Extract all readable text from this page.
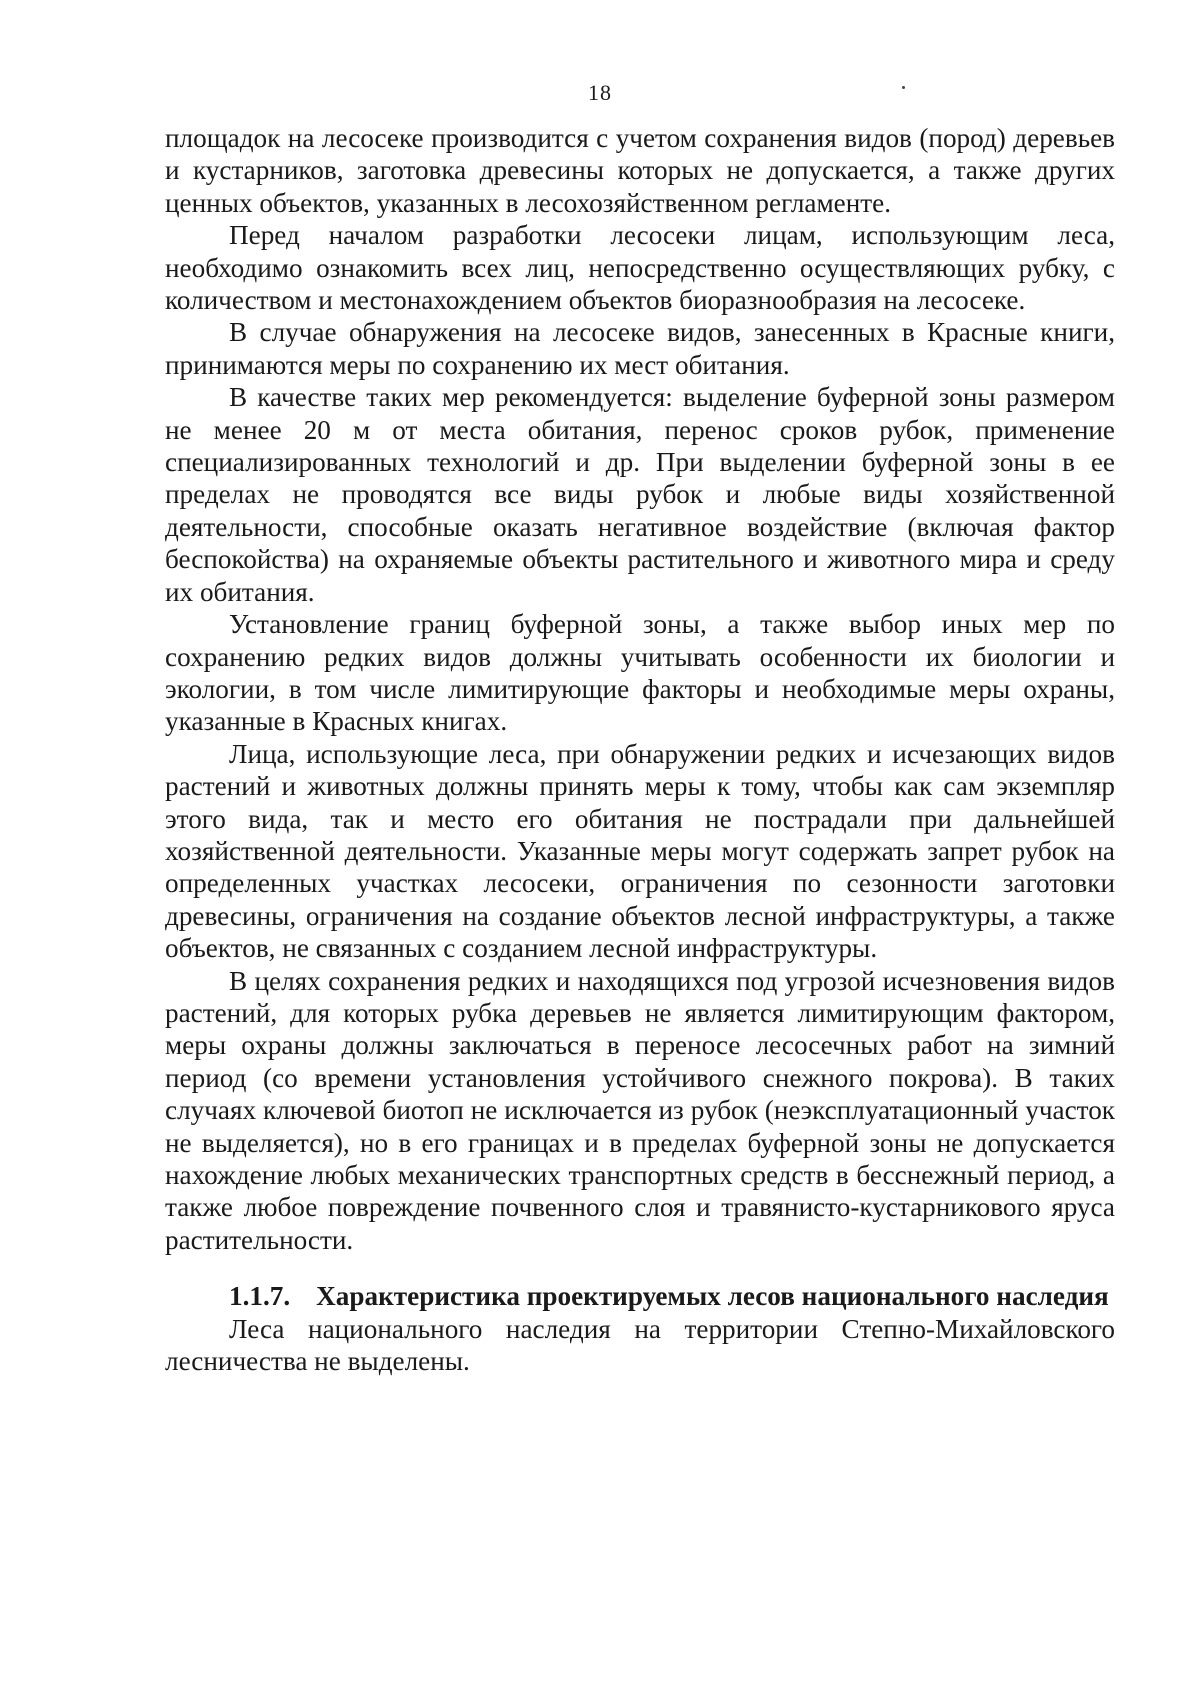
18

площадок на лесосеке производится с учетом сохранения видов (пород) деревьев и кустарников, заготовка древесины которых не допускается, а также других ценных объектов, указанных в лесохозяйственном регламенте.

Перед началом разработки лесосеки лицам, использующим леса, необходимо ознакомить всех лиц, непосредственно осуществляющих рубку, с количеством и местонахождением объектов биоразнообразия на лесосеке.

В случае обнаружения на лесосеке видов, занесенных в Красные книги, принимаются меры по сохранению их мест обитания.

В качестве таких мер рекомендуется: выделение буферной зоны размером не менее 20 м от места обитания, перенос сроков рубок, применение специализированных технологий и др. При выделении буферной зоны в ее пределах не проводятся все виды рубок и любые виды хозяйственной деятельности, способные оказать негативное воздействие (включая фактор беспокойства) на охраняемые объекты растительного и животного мира и среду их обитания.

Установление границ буферной зоны, а также выбор иных мер по сохранению редких видов должны учитывать особенности их биологии и экологии, в том числе лимитирующие факторы и необходимые меры охраны, указанные в Красных книгах.

Лица, использующие леса, при обнаружении редких и исчезающих видов растений и животных должны принять меры к тому, чтобы как сам экземпляр этого вида, так и место его обитания не пострадали при дальнейшей хозяйственной деятельности. Указанные меры могут содержать запрет рубок на определенных участках лесосеки, ограничения по сезонности заготовки древесины, ограничения на создание объектов лесной инфраструктуры, а также объектов, не связанных с созданием лесной инфраструктуры.

В целях сохранения редких и находящихся под угрозой исчезновения видов растений, для которых рубка деревьев не является лимитирующим фактором, меры охраны должны заключаться в переносе лесосечных работ на зимний период (со времени установления устойчивого снежного покрова). В таких случаях ключевой биотоп не исключается из рубок (неэксплуатационный участок не выделяется), но в его границах и в пределах буферной зоны не допускается нахождение любых механических транспортных средств в бесснежный период, а также любое повреждение почвенного слоя и травянисто-кустарникового яруса растительности.

1.1.7. Характеристика проектируемых лесов национального наследия

Леса национального наследия на территории Степно-Михайловского лесничества не выделены.
